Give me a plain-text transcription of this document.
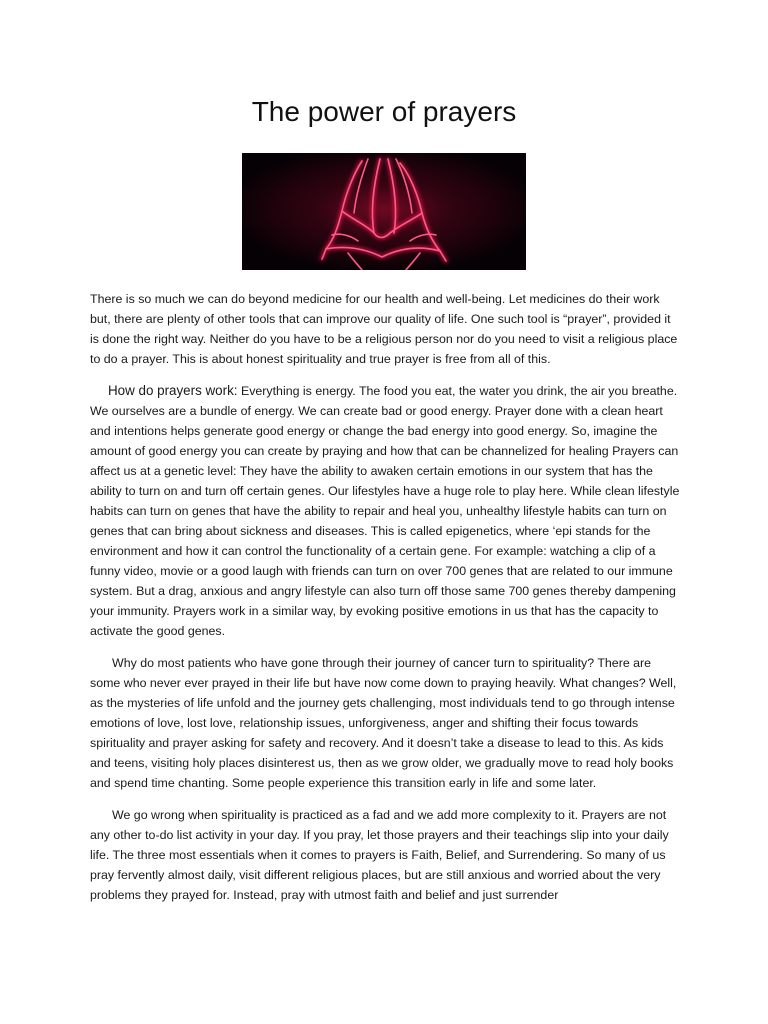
The power of prayers

There is so much we can do beyond medicine for our health and well-being. Let medicines do their work but, there are plenty of other tools that can improve our quality of life. One such tool is “prayer”, provided it is done the right way. Neither do you have to be a religious person nor do you need to visit a religious place to do a prayer. This is about honest spirituality and true prayer is free from all of this.

How do prayers work: Everything is energy. The food you eat, the water you drink, the air you breathe. We ourselves are a bundle of energy. We can create bad or good energy. Prayer done with a clean heart and intentions helps generate good energy or change the bad energy into good energy. So, imagine the amount of good energy you can create by praying and how that can be channelized for healing Prayers can affect us at a genetic level: They have the ability to awaken certain emotions in our system that has the ability to turn on and turn off certain genes. Our lifestyles have a huge role to play here. While clean lifestyle habits can turn on genes that have the ability to repair and heal you, unhealthy lifestyle habits can turn on genes that can bring about sickness and diseases. This is called epigenetics, where ‘epi stands for the environment and how it can control the functionality of a certain gene. For example: watching a clip of a funny video, movie or a good laugh with friends can turn on over 700 genes that are related to our immune system. But a drag, anxious and angry lifestyle can also turn off those same 700 genes thereby dampening your immunity. Prayers work in a similar way, by evoking positive emotions in us that has the capacity to activate the good genes.

Why do most patients who have gone through their journey of cancer turn to spirituality? There are some who never ever prayed in their life but have now come down to praying heavily. What changes? Well, as the mysteries of life unfold and the journey gets challenging, most individuals tend to go through intense emotions of love, lost love, relationship issues, unforgiveness, anger and shifting their focus towards spirituality and prayer asking for safety and recovery. And it doesn’t take a disease to lead to this. As kids and teens, visiting holy places disinterest us, then as we grow older, we gradually move to read holy books and spend time chanting. Some people experience this transition early in life and some later.

We go wrong when spirituality is practiced as a fad and we add more complexity to it. Prayers are not any other to-do list activity in your day. If you pray, let those prayers and their teachings slip into your daily life. The three most essentials when it comes to prayers is Faith, Belief, and Surrendering. So many of us pray fervently almost daily, visit different religious places, but are still anxious and worried about the very problems they prayed for. Instead, pray with utmost faith and belief and just surrender
